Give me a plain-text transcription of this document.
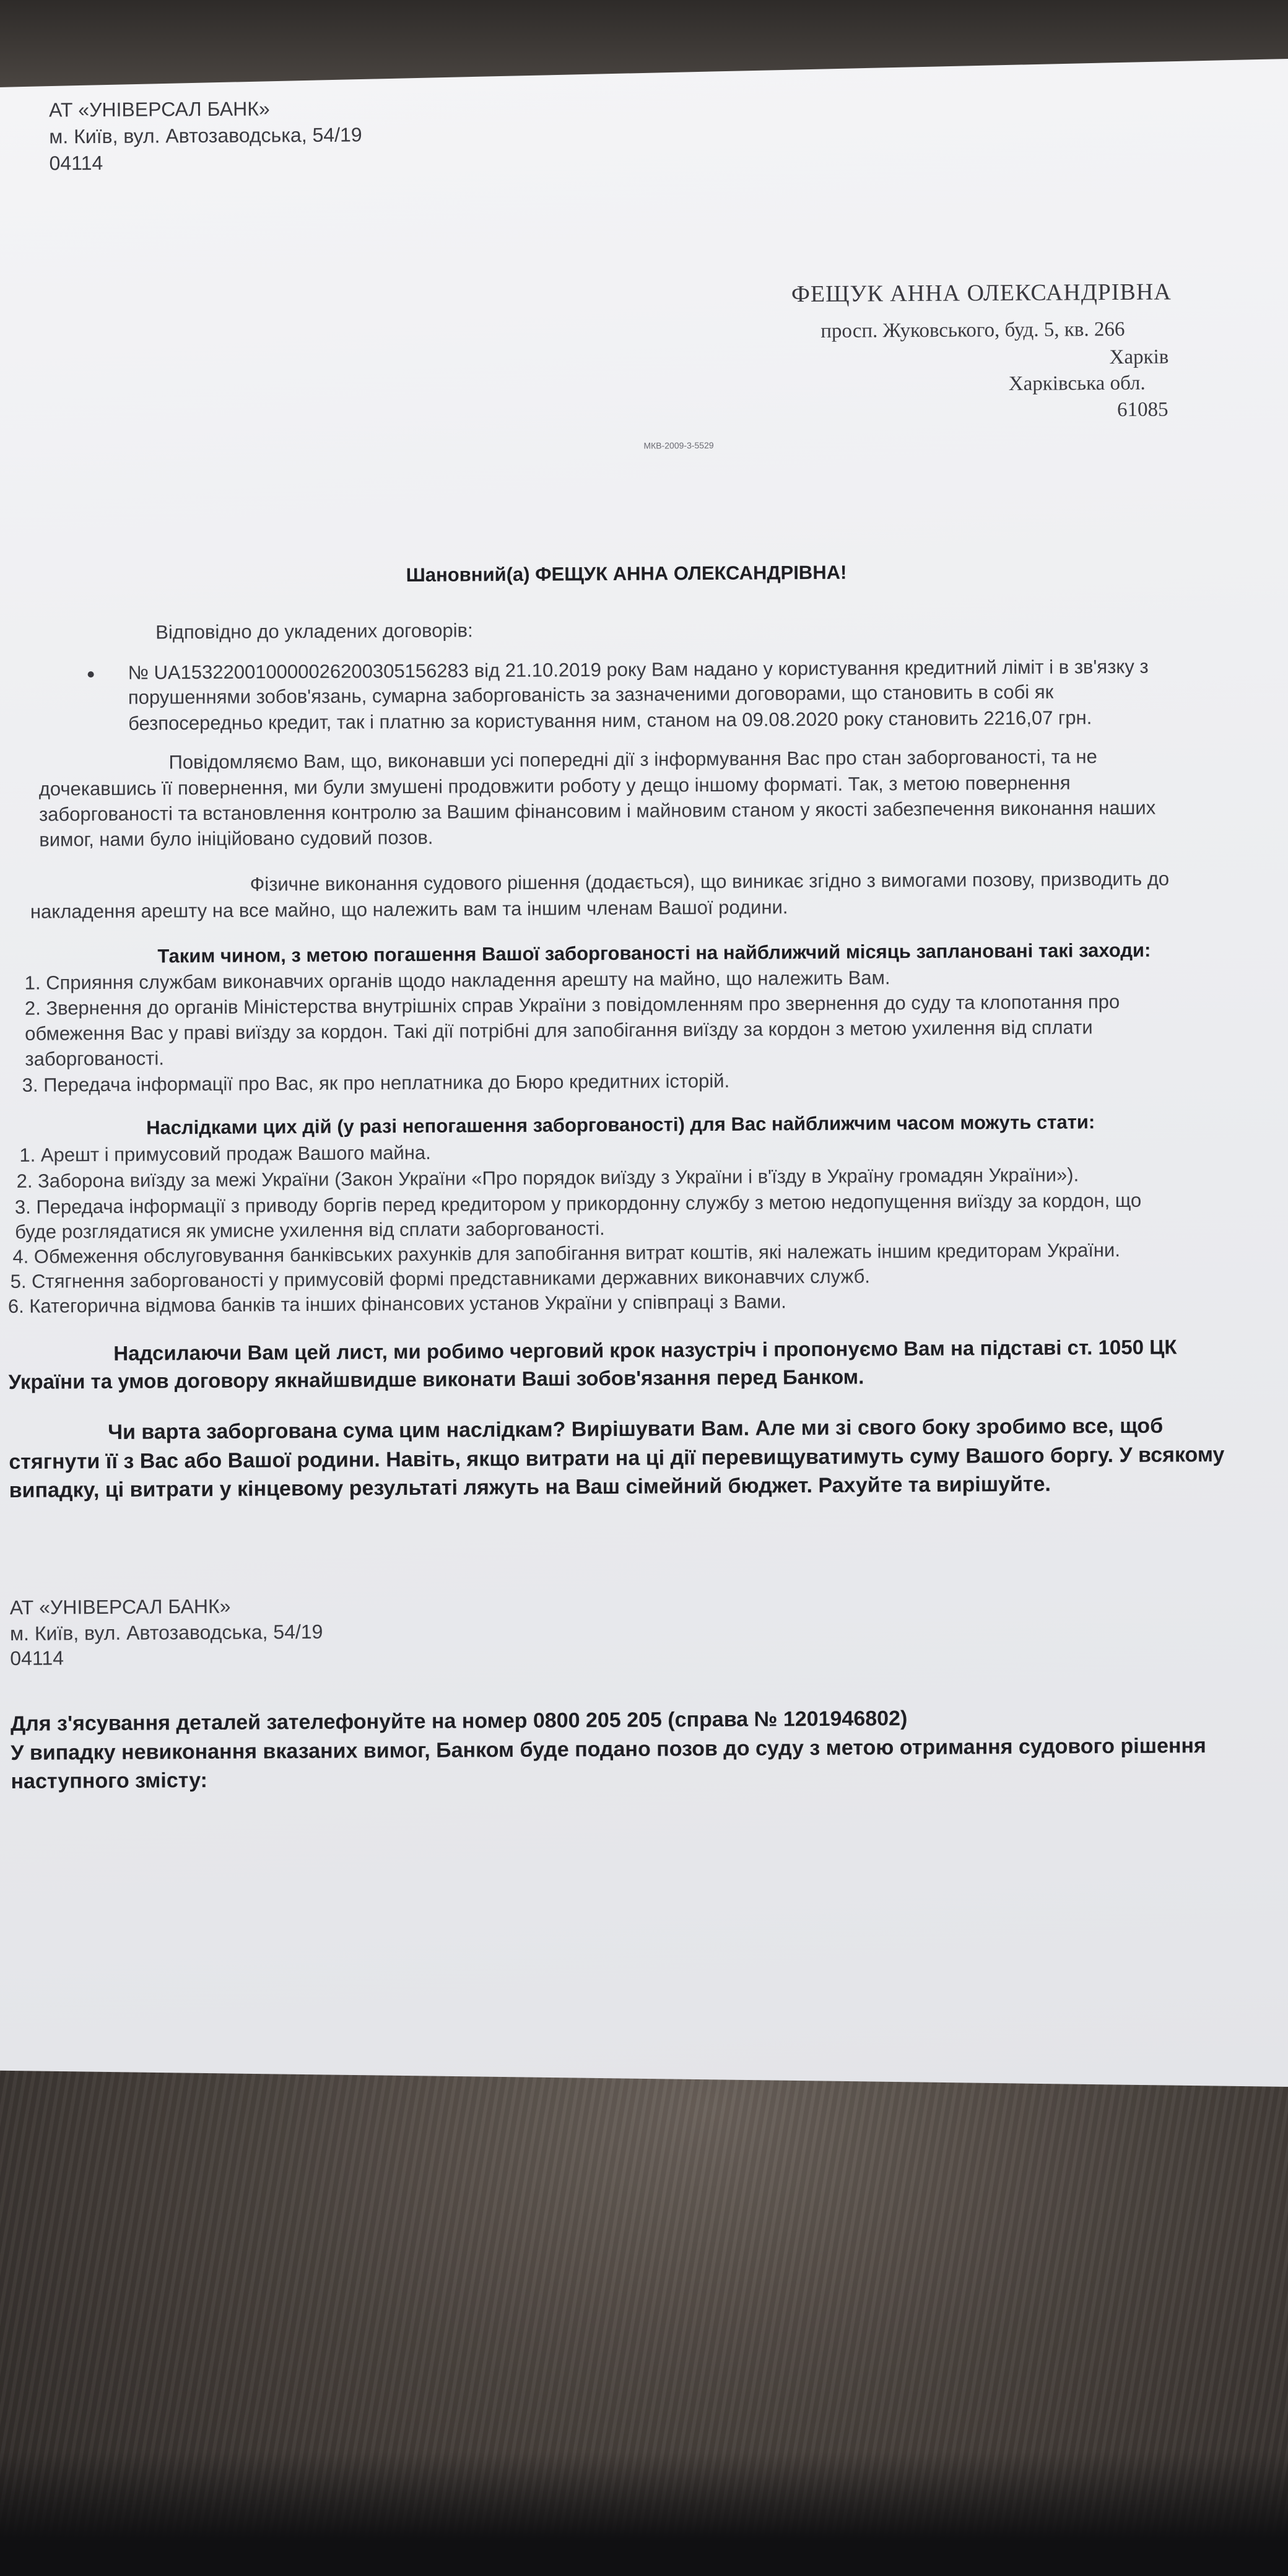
АТ «УНІВЕРСАЛ БАНК»

м. Київ, вул. Автозаводська, 54/19

04114

ФЕЩУК АННА ОЛЕКСАНДРІВНА

просп. Жуковського, буд. 5, кв. 266

Харків

Харківська обл.

61085

МКВ-2009-3-5529

Шановний(а) ФЕЩУК АННА ОЛЕКСАНДРІВНА!

Відповідно до укладених договорів:

№ UA153220010000026200305156283 від 21.10.2019 року Вам надано у користування кредитний ліміт і в зв'язку з

порушеннями зобов'язань, сумарна заборгованість за зазначеними договорами, що становить в собі як

безпосередньо кредит, так і платню за користування ним, станом на 09.08.2020 року становить 2216,07 грн.

Повідомляємо Вам, що, виконавши усі попередні дії з інформування Вас про стан заборгованості, та не

дочекавшись її повернення, ми були змушені продовжити роботу у дещо іншому форматі. Так, з метою повернення

заборгованості та встановлення контролю за Вашим фінансовим і майновим станом у якості забезпечення виконання наших

вимог, нами було ініційовано судовий позов.

Фізичне виконання судового рішення (додається), що виникає згідно з вимогами позову, призводить до

накладення арешту на все майно, що належить вам та іншим членам Вашої родини.

Таким чином, з метою погашення Вашої заборгованості на найближчий місяць заплановані такі заходи:

1. Сприяння службам виконавчих органів щодо накладення арешту на майно, що належить Вам.

2. Звернення до органів Міністерства внутрішніх справ України з повідомленням про звернення до суду та клопотання про

обмеження Вас у праві виїзду за кордон. Такі дії потрібні для запобігання виїзду за кордон з метою ухилення від сплати

заборгованості.

3. Передача інформації про Вас, як про неплатника до Бюро кредитних історій.

Наслідками цих дій (у разі непогашення заборгованості) для Вас найближчим часом можуть стати:

1. Арешт і примусовий продаж Вашого майна.

2. Заборона виїзду за межі України (Закон України «Про порядок виїзду з України і в'їзду в Україну громадян України»).

3. Передача інформації з приводу боргів перед кредитором у прикордонну службу з метою недопущення виїзду за кордон, що

буде розглядатися як умисне ухилення від сплати заборгованості.

4. Обмеження обслуговування банківських рахунків для запобігання витрат коштів, які належать іншим кредиторам України.

5. Стягнення заборгованості у примусовій формі представниками державних виконавчих служб.

6. Категорична відмова банків та інших фінансових установ України у співпраці з Вами.

Надсилаючи Вам цей лист, ми робимо черговий крок назустріч і пропонуємо Вам на підставі ст. 1050 ЦК

України та умов договору якнайшвидше виконати Ваші зобов'язання перед Банком.

Чи варта заборгована сума цим наслідкам? Вирішувати Вам. Але ми зі свого боку зробимо все, щоб

стягнути її з Вас або Вашої родини. Навіть, якщо витрати на ці дії перевищуватимуть суму Вашого боргу. У всякому

випадку, ці витрати у кінцевому результаті ляжуть на Ваш сімейний бюджет. Рахуйте та вирішуйте.

АТ «УНІВЕРСАЛ БАНК»

м. Київ, вул. Автозаводська, 54/19

04114

Для з'ясування деталей зателефонуйте на номер 0800 205 205 (справа № 1201946802)

У випадку невиконання вказаних вимог, Банком буде подано позов до суду з метою отримання судового рішення

наступного змісту:
